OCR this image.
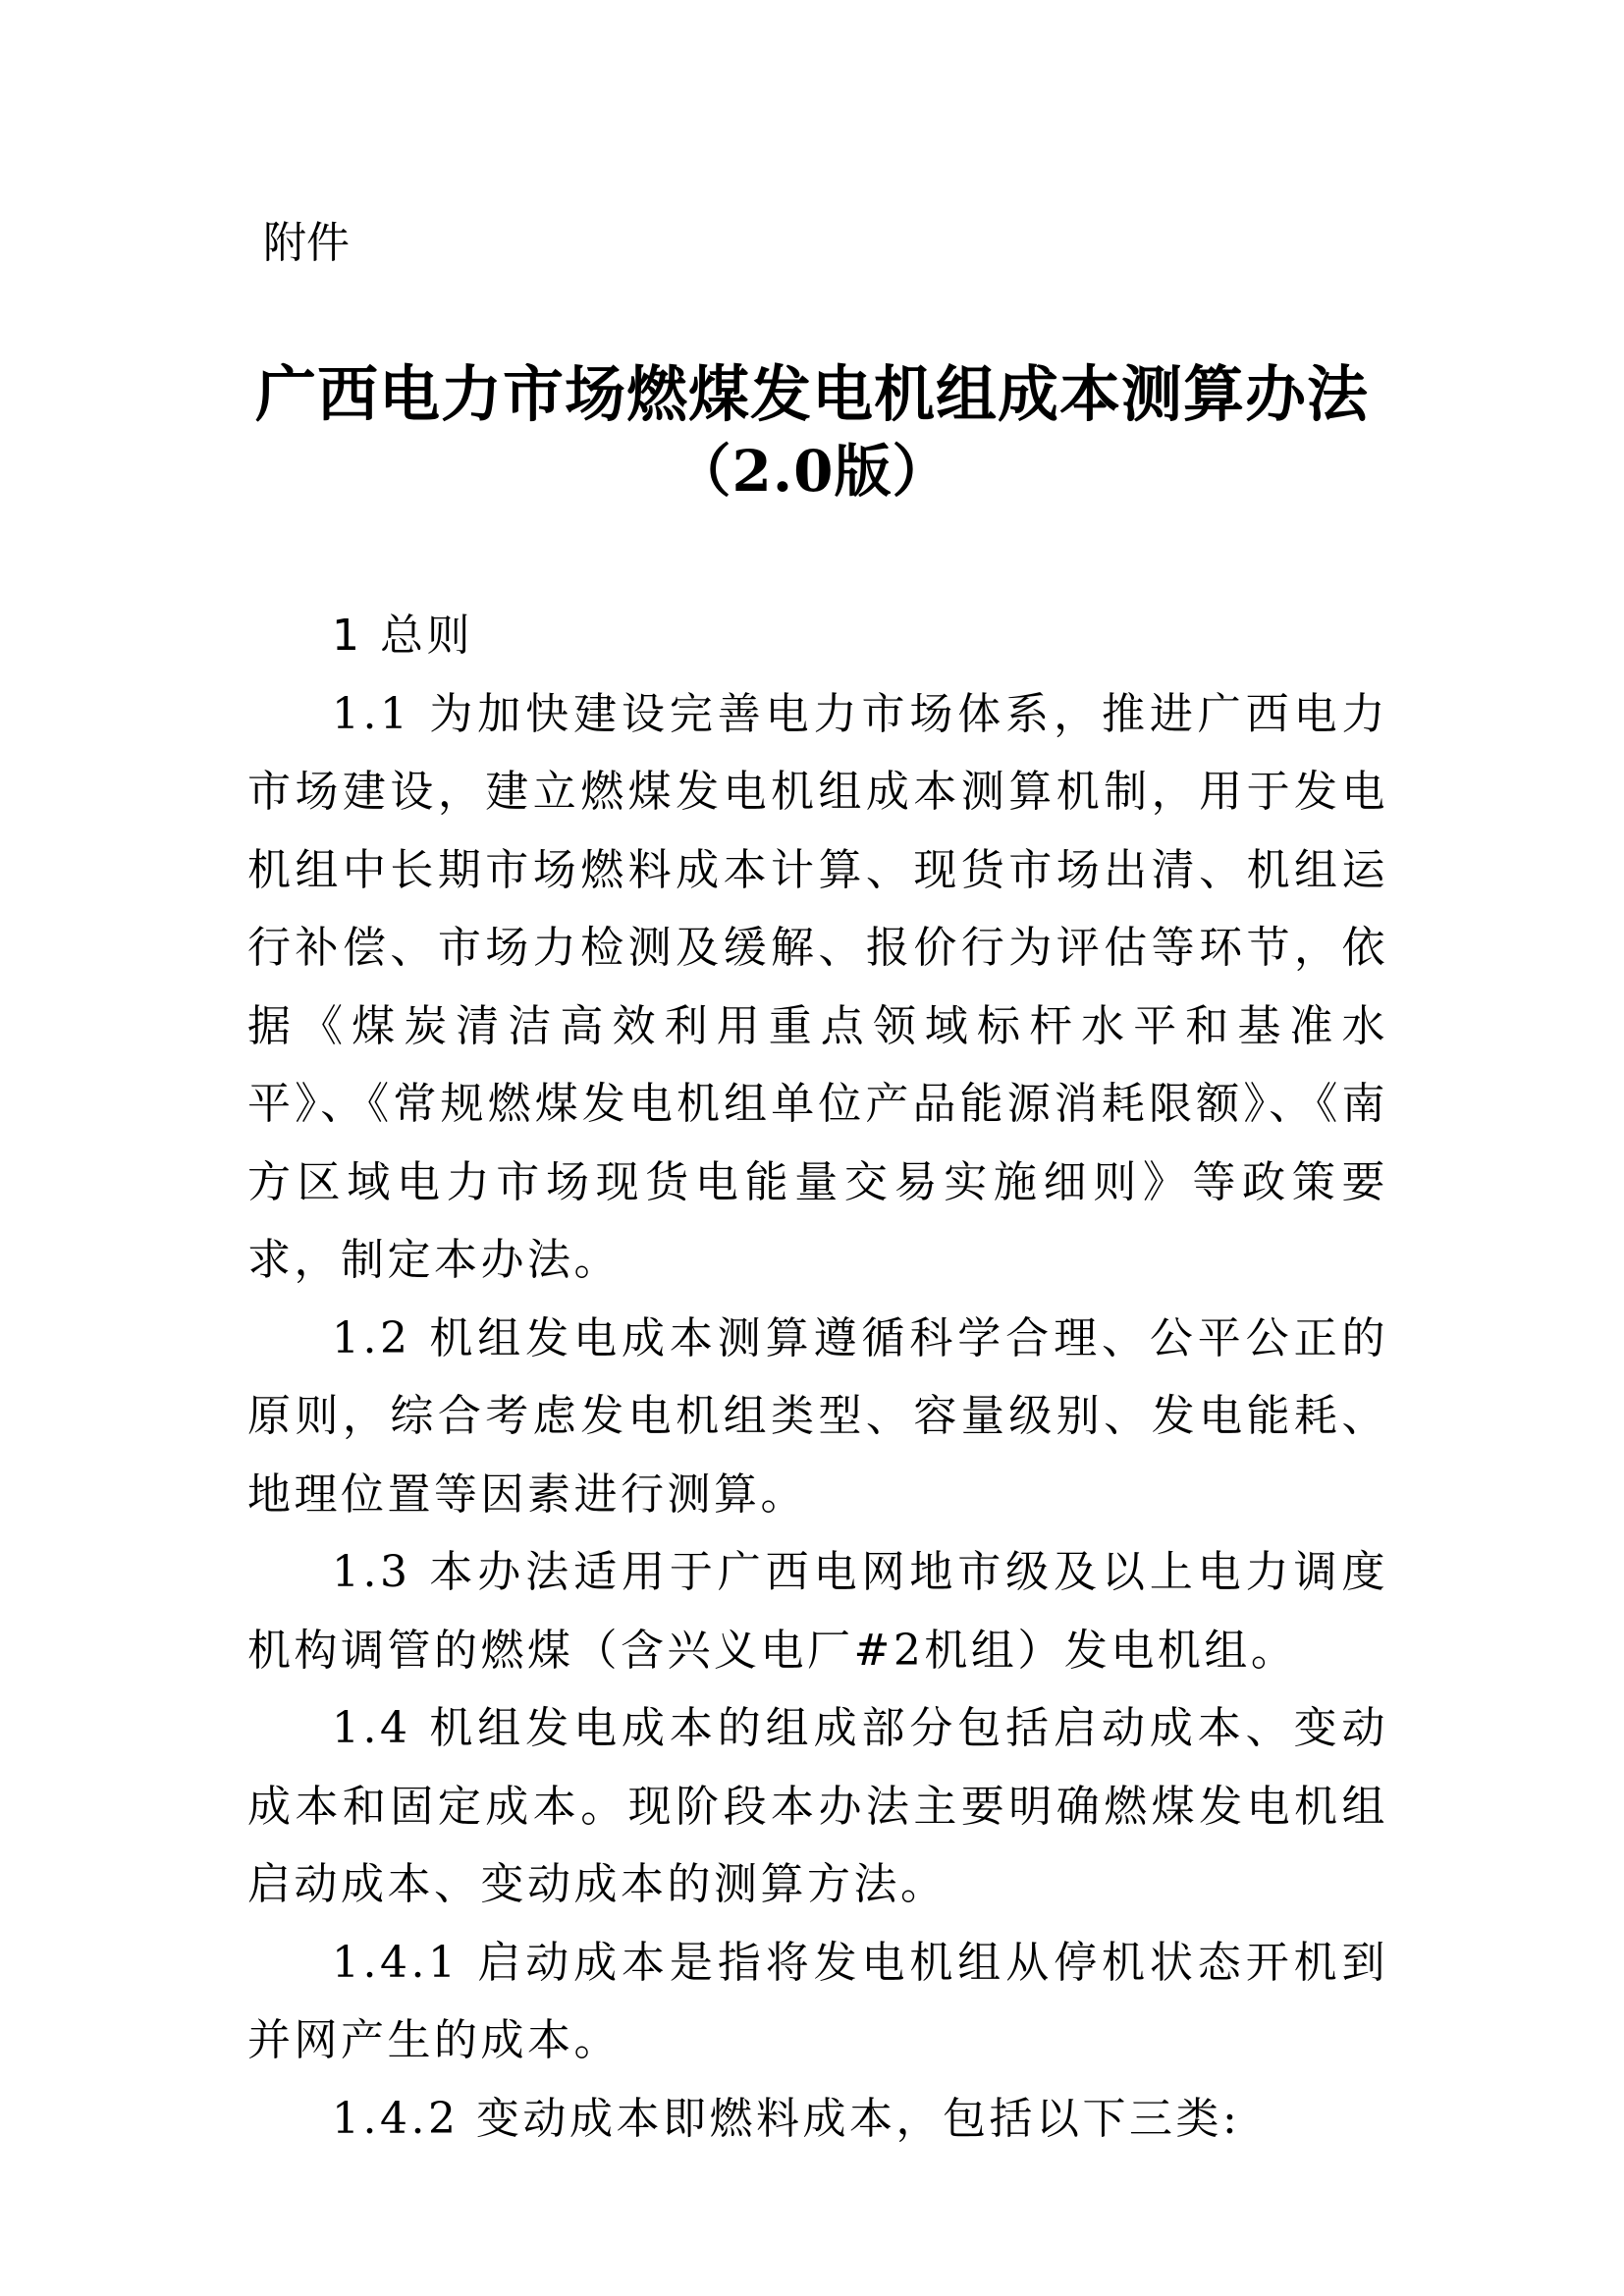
附件

广西电力市场燃煤发电机组成本测算办法
（2.0版）
1 总则

1.1 为加快建设完善电力市场体系，推进广西电力市场建设，建立燃煤发电机组成本测算机制，用于发电机组中长期市场燃料成本计算、现货市场出清、机组运行补偿、市场力检测及缓解、报价行为评估等环节，依据《煤炭清洁高效利用重点领域标杆水平和基准水平》、《常规燃煤发电机组单位产品能源消耗限额》、《南方区域电力市场现货电能量交易实施细则》等政策要求，制定本办法。

1.2 机组发电成本测算遵循科学合理、公平公正的原则，综合考虑发电机组类型、容量级别、发电能耗、地理位置等因素进行测算。

1.3 本办法适用于广西电网地市级及以上电力调度机构调管的燃煤（含兴义电厂#2机组）发电机组。

1.4 机组发电成本的组成部分包括启动成本、变动成本和固定成本。现阶段本办法主要明确燃煤发电机组启动成本、变动成本的测算方法。

1.4.1 启动成本是指将发电机组从停机状态开机到并网产生的成本。

1.4.2 变动成本即燃料成本，包括以下三类:
